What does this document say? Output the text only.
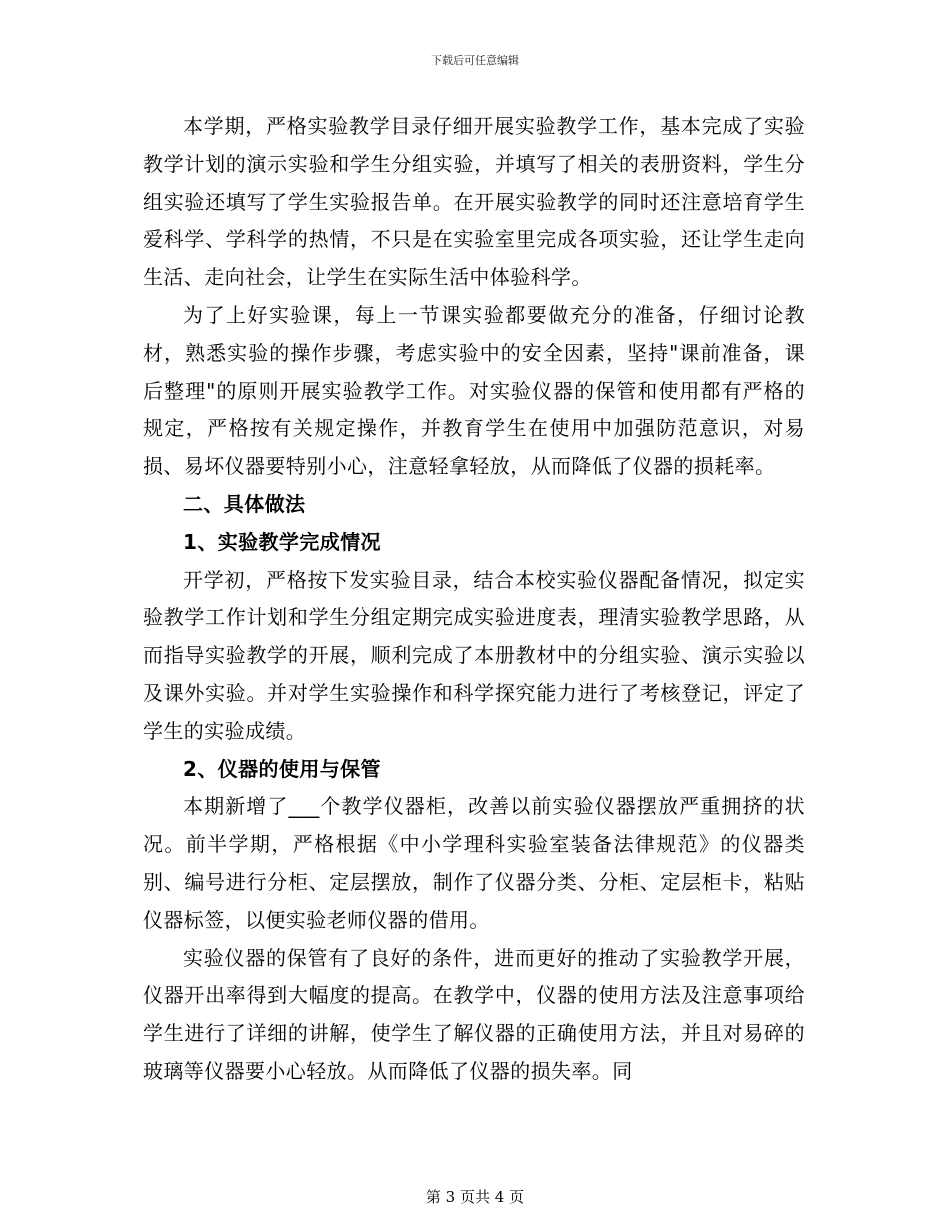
下载后可任意编辑

本学期，严格实验教学目录仔细开展实验教学工作，基本完成了实验教学计划的演示实验和学生分组实验，并填写了相关的表册资料，学生分组实验还填写了学生实验报告单。在开展实验教学的同时还注意培育学生爱科学、学科学的热情，不只是在实验室里完成各项实验，还让学生走向生活、走向社会，让学生在实际生活中体验科学。

为了上好实验课，每上一节课实验都要做充分的准备，仔细讨论教材，熟悉实验的操作步骤，考虑实验中的安全因素，坚持"课前准备，课后整理"的原则开展实验教学工作。对实验仪器的保管和使用都有严格的规定，严格按有关规定操作，并教育学生在使用中加强防范意识，对易损、易坏仪器要特别小心，注意轻拿轻放，从而降低了仪器的损耗率。

二、具体做法

1、实验教学完成情况

开学初，严格按下发实验目录，结合本校实验仪器配备情况，拟定实验教学工作计划和学生分组定期完成实验进度表，理清实验教学思路，从而指导实验教学的开展，顺利完成了本册教材中的分组实验、演示实验以及课外实验。并对学生实验操作和科学探究能力进行了考核登记，评定了学生的实验成绩。

2、仪器的使用与保管

本期新增了___个教学仪器柜，改善以前实验仪器摆放严重拥挤的状况。前半学期，严格根据《中小学理科实验室装备法律规范》的仪器类别、编号进行分柜、定层摆放，制作了仪器分类、分柜、定层柜卡，粘贴仪器标签，以便实验老师仪器的借用。

实验仪器的保管有了良好的条件，进而更好的推动了实验教学开展，仪器开出率得到大幅度的提高。在教学中，仪器的使用方法及注意事项给学生进行了详细的讲解，使学生了解仪器的正确使用方法，并且对易碎的玻璃等仪器要小心轻放。从而降低了仪器的损失率。同

第 3 页共 4 页
